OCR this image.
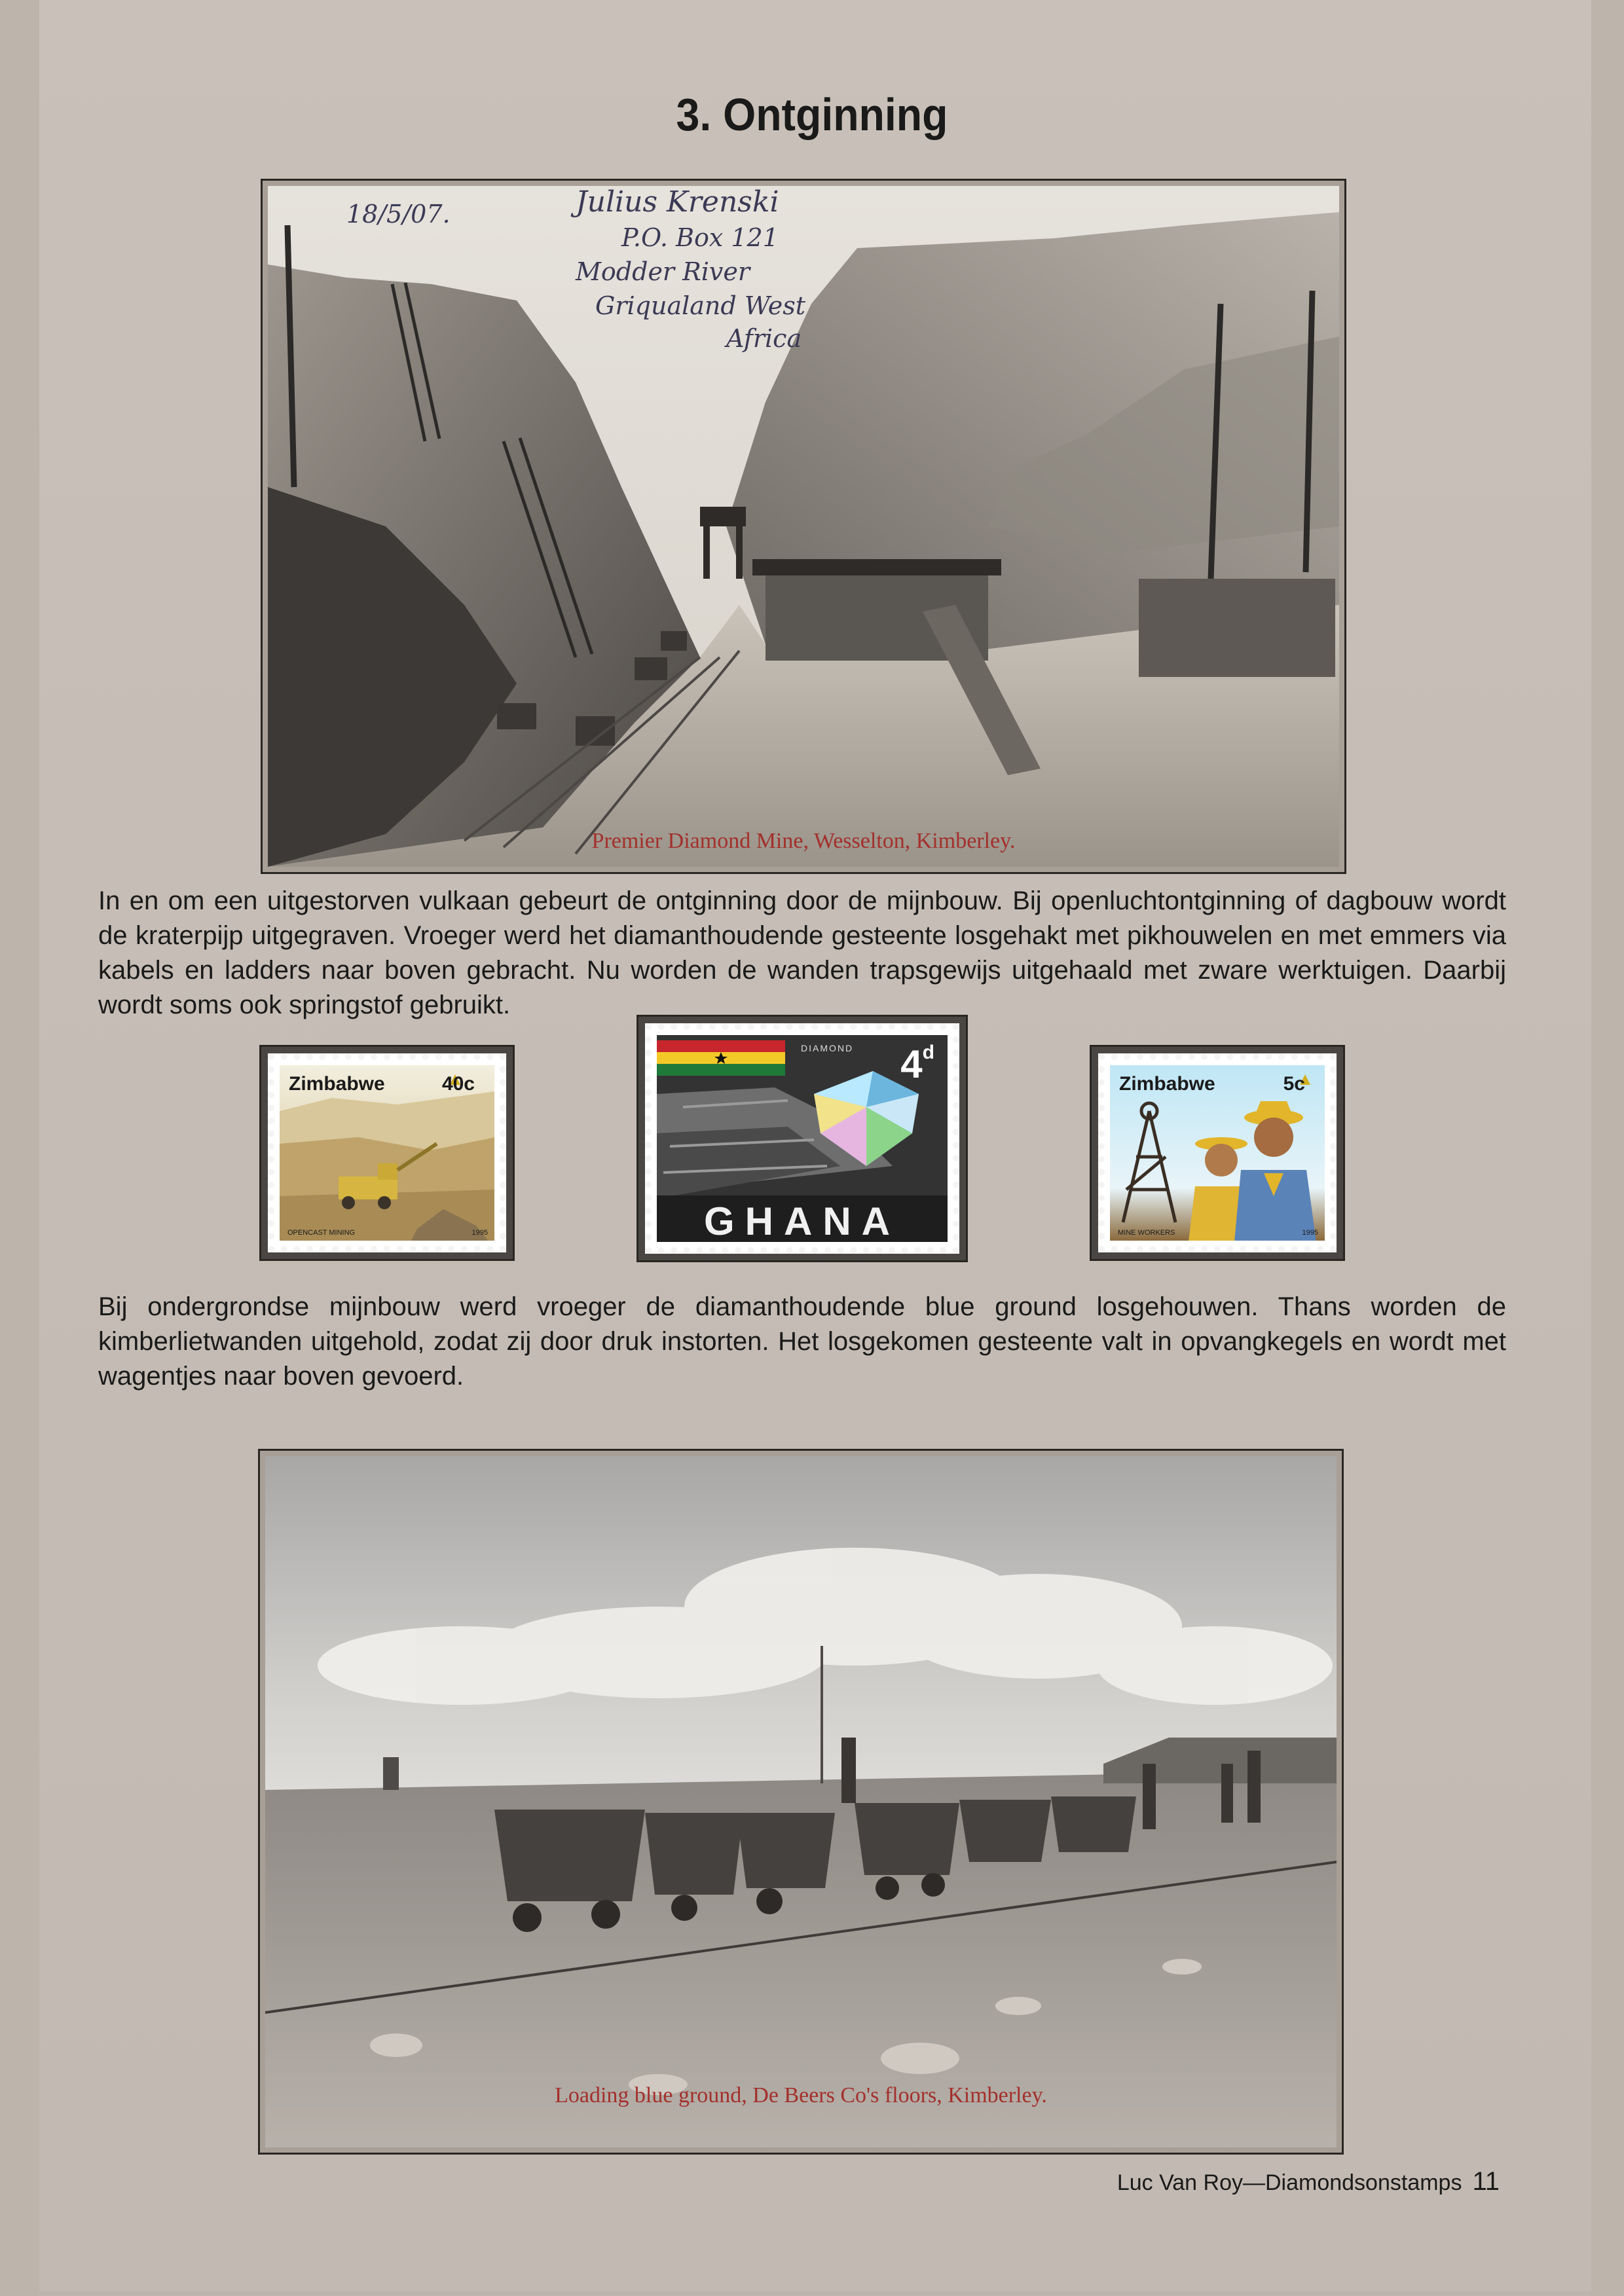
3. Ontginning
18/5/07.	Julius Krenski
P.O. Box 121
Modder River
Griqualand West
Africa
Premier Diamond Mine, Wesselton, Kimberley.
In en om een uitgestorven vulkaan gebeurt de ontginning door de mijnbouw. Bij openluchtontginning of dagbouw wordt de kraterpijp uitgegraven. Vroeger werd het diamanthoudende gesteente losgehakt met pikhouwelen en met emmers via kabels en ladders naar boven gebracht. Nu worden de wanden trapsgewijs uitgehaald met zware werktuigen. Daarbij wordt soms ook springstof gebruikt.
Zimbabwe	40c
OPENCAST MINING	1995
DIAMOND 4$^d$
GHANA
Zimbabwe	5c
MINE WORKERS	1995
Bij ondergrondse mijnbouw werd vroeger de diamanthoudende blue ground losgehouwen. Thans worden de kimberlietwanden uitgehold, zodat zij door druk instorten. Het losgekomen gesteente valt in opvangkegels en wordt met wagentjes naar boven gevoerd.
Loading blue ground, De Beers Co's floors, Kimberley.
Luc Van Roy—Diamondsonstamps 11
